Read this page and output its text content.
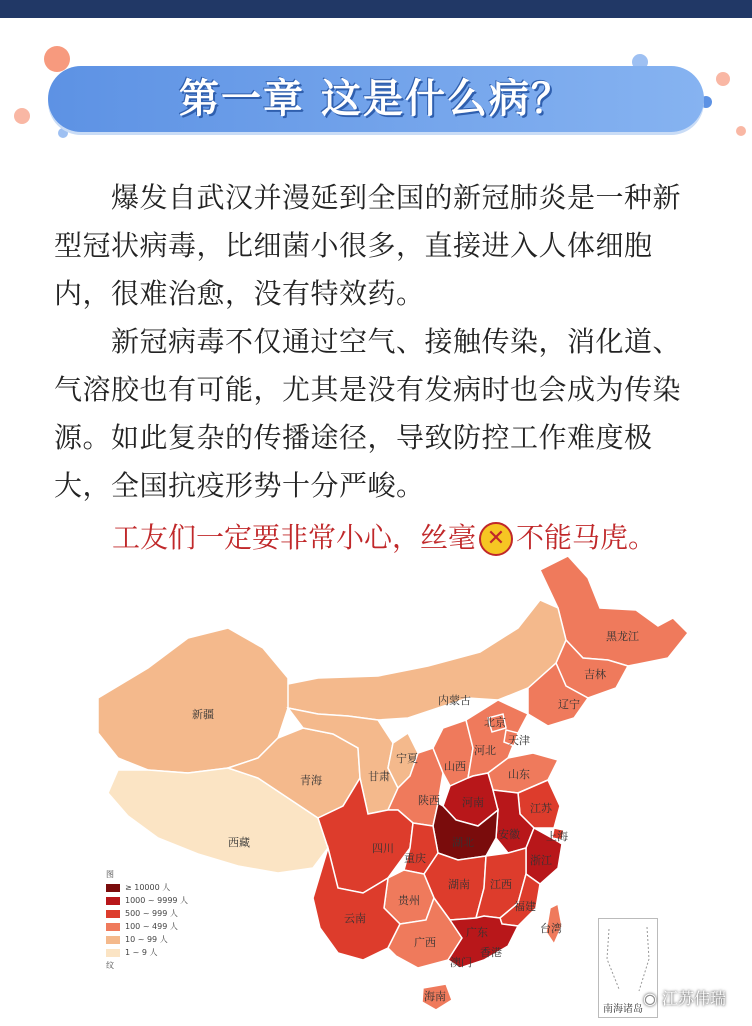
第一章 这是什么病？
　　爆发自武汉并漫延到全国的新冠肺炎是一种新型冠状病毒，比细菌小很多，直接进入人体细胞内，很难治愈，没有特效药。
　　新冠病毒不仅通过空气、接触传染，消化道、气溶胶也有可能，尤其是没有发病时也会成为传染源。如此复杂的传播途径，导致防控工作难度极大，全国抗疫形势十分严峻。
工友们一定要非常小心，丝毫 ✕ 不能马虎。
黑龙江
吉林
辽宁
内蒙古
北京
天津
河北
山西
山东
河南	江苏
安徽 上海
湖北
浙江
陕西
宁夏
甘肃
青海
新疆
西藏	四川
重庆
贵州
湖南 江西
福建
云南
广西
广东	台湾
香港
澳门
海南
图
≥ 10000 人
1000 ~ 9999 人
500 ~ 999 人
100 ~ 499 人
10 ~ 99 人
1 ~ 9 人
纹
南海诸岛
◉ 江苏伟瑞
